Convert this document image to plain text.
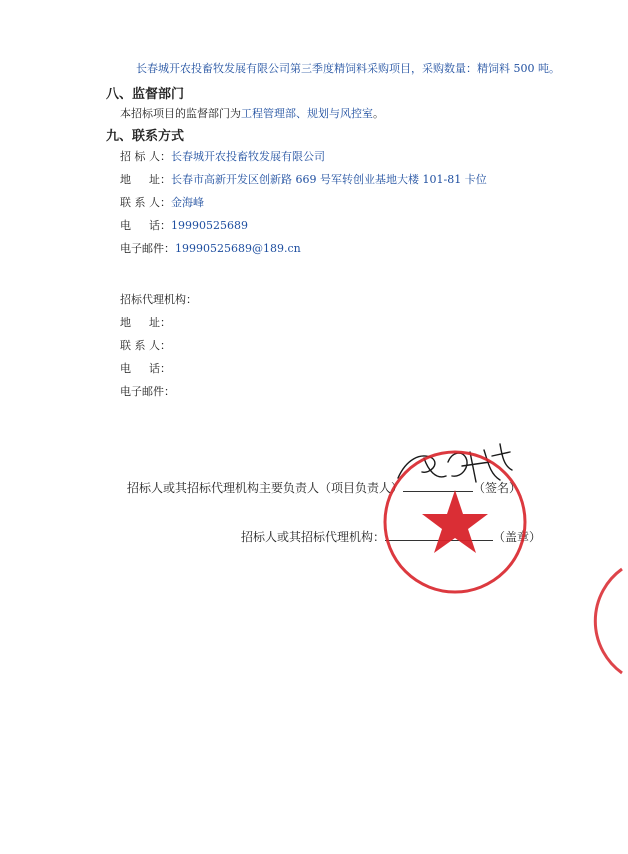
长春城开农投畜牧发展有限公司第三季度精饲料采购项目，采购数量：精饲料 500 吨。
八、监督部门
本招标项目的监督部门为工程管理部、规划与风控室。
九、联系方式
招 标 人：长春城开农投畜牧发展有限公司
地 　 址：长春市高新开发区创新路 669 号军转创业基地大楼 101-81 卡位
联 系 人：金海峰
电 　 话：19990525689
电子邮件：19990525689@189.cn
招标代理机构：
地 　 址：
联 系 人：
电 　 话：
电子邮件：
招标人或其招标代理机构主要负责人（项目负责人）	（签名）
招标人或其招标代理机构：	（盖章）
